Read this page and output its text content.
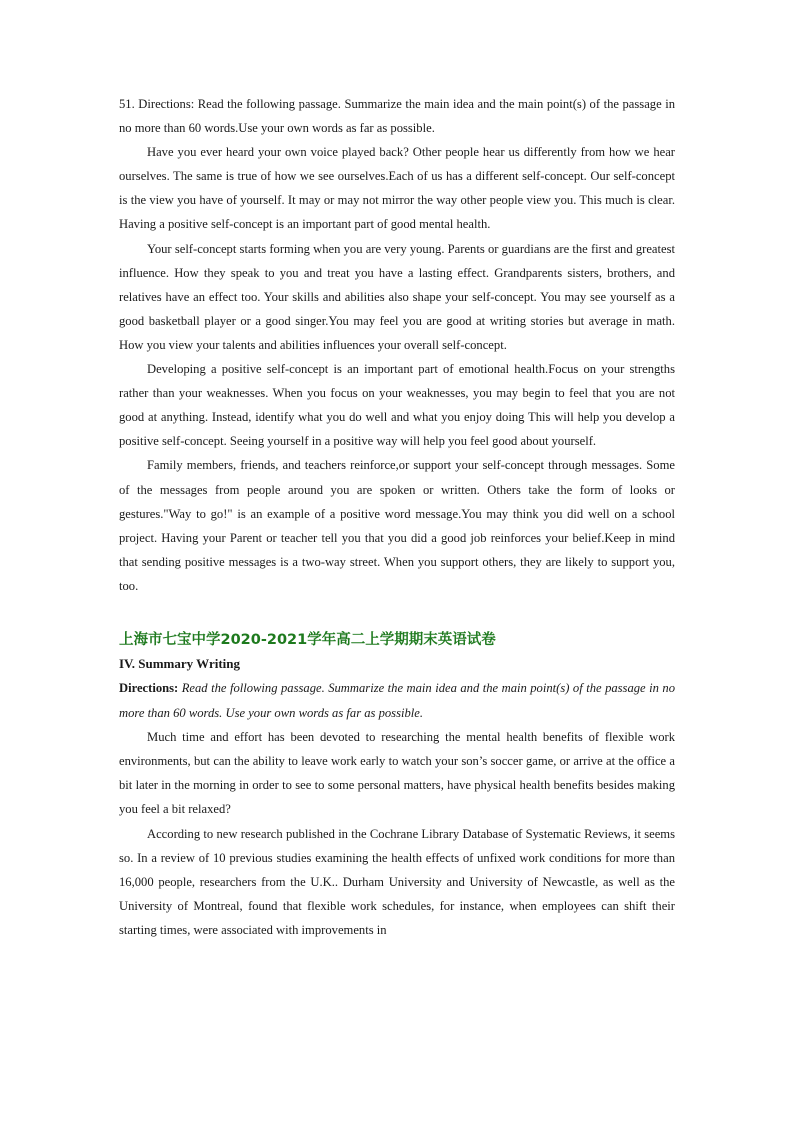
51. Directions: Read the following passage. Summarize the main idea and the main point(s) of the passage in no more than 60 words.Use your own words as far as possible.

Have you ever heard your own voice played back? Other people hear us differently from how we hear ourselves. The same is true of how we see ourselves.Each of us has a different self-concept. Our self-concept is the view you have of yourself. It may or may not mirror the way other people view you. This much is clear. Having a positive self-concept is an important part of good mental health.

Your self-concept starts forming when you are very young. Parents or guardians are the first and greatest influence. How they speak to you and treat you have a lasting effect. Grandparents sisters, brothers, and relatives have an effect too. Your skills and abilities also shape your self-concept. You may see yourself as a good basketball player or a good singer.You may feel you are good at writing stories but average in math. How you view your talents and abilities influences your overall self-concept.

Developing a positive self-concept is an important part of emotional health.Focus on your strengths rather than your weaknesses. When you focus on your weaknesses, you may begin to feel that you are not good at anything. Instead, identify what you do well and what you enjoy doing This will help you develop a positive self-concept. Seeing yourself in a positive way will help you feel good about yourself.

Family members, friends, and teachers reinforce,or support your self-concept through messages. Some of the messages from people around you are spoken or written. Others take the form of looks or gestures."Way to go!" is an example of a positive word message.You may think you did well on a school project. Having your Parent or teacher tell you that you did a good job reinforces your belief.Keep in mind that sending positive messages is a two-way street. When you support others, they are likely to support you, too.

上海市七宝中学2020-2021学年高二上学期期末英语试卷

IV. Summary Writing

Directions: Read the following passage. Summarize the main idea and the main point(s) of the passage in no more than 60 words. Use your own words as far as possible.

Much time and effort has been devoted to researching the mental health benefits of flexible work environments, but can the ability to leave work early to watch your son’s soccer game, or arrive at the office a bit later in the morning in order to see to some personal matters, have physical health benefits besides making you feel a bit relaxed?

According to new research published in the Cochrane Library Database of Systematic Reviews, it seems so. In a review of 10 previous studies examining the health effects of unfixed work conditions for more than 16,000 people, researchers from the U.K.. Durham University and University of Newcastle, as well as the University of Montreal, found that flexible work schedules, for instance, when employees can shift their starting times, were associated with improvements in
